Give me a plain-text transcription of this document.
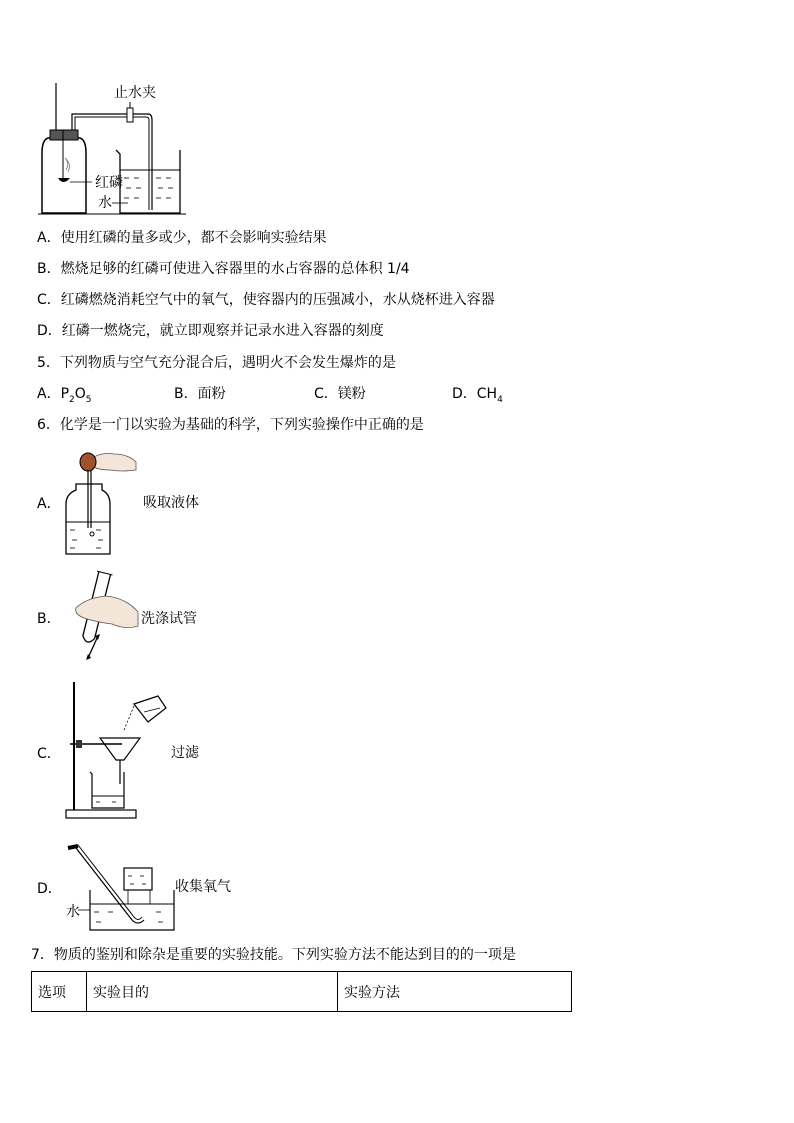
止水夹
红磷
水
A．使用红磷的量多或少，都不会影响实验结果
B．燃烧足够的红磷可使进入容器里的水占容器的总体积 1/4
C．红磷燃烧消耗空气中的氧气，使容器内的压强减小，水从烧杯进入容器
D．红磷一燃烧完，就立即观察并记录水进入容器的刻度
5．下列物质与空气充分混合后，遇明火不会发生爆炸的是
A．$P_2O_5$	B．面粉	C．镁粉	D．$CH_4$
6．化学是一门以实验为基础的科学，下列实验操作中正确的是
A．	吸取液体
B．	洗涤试管
C．	过滤
D．	收集氧气
水
7．物质的鉴别和除杂是重要的实验技能。下列实验方法不能达到目的的一项是
选项	实验目的	实验方法
